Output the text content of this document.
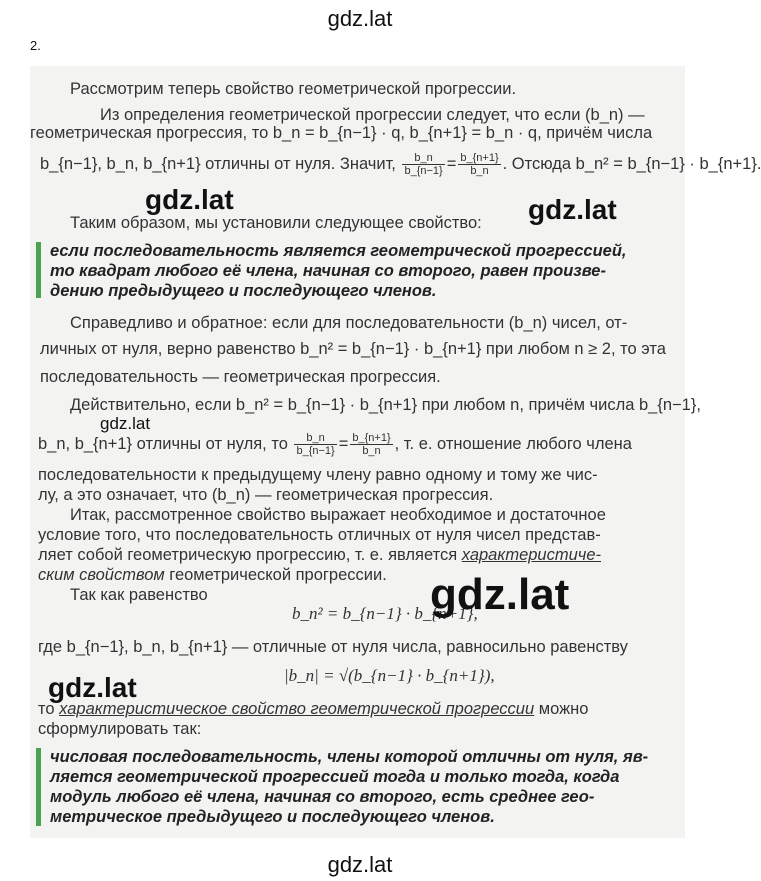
gdz.lat
2.
Рассмотрим теперь свойство геометрической прогрессии.
Из определения геометрической прогрессии следует, что если (b_n) —
геометрическая прогрессия, то b_n = b_{n−1} · q, b_{n+1} = b_n · q, причём числа
b_{n−1}, b_n, b_{n+1} отличны от нуля. Значит, $\frac{b\_n}{b\_\{n-1\}} = \frac{b\_\{n+1\}}{b\_n}$ . Отсюда b_n² = b_{n−1} · b_{n+1}.
gdz.lat	gdz.lat
Таким образом, мы установили следующее свойство:
если последовательность является геометрической прогрессией,
то квадрат любого её члена, начиная со второго, равен произве-
дению предыдущего и последующего членов.
Справедливо и обратное: если для последовательности (b_n) чисел, от-
личных от нуля, верно равенство b_n² = b_{n−1} · b_{n+1} при любом n ≥ 2, то эта
последовательность — геометрическая прогрессия.
Действительно, если b_n² = b_{n−1} · b_{n+1} при любом n, причём числа b_{n−1},
gdz.lat
b_n, b_{n+1} отличны от нуля, то $\frac{b\_n}{b\_\{n-1\}} = \frac{b\_\{n+1\}}{b\_n}$ , т. е. отношение любого члена
последовательности к предыдущему члену равно одному и тому же чис-
лу, а это означает, что (b_n) — геометрическая прогрессия.
Итак, рассмотренное свойство выражает необходимое и достаточное
условие того, что последовательность отличных от нуля чисел представ-
ляет собой геометрическую прогрессию, т. е. является характеристиче-
ским свойством геометрической прогрессии.
Так как равенство
b_n² = b_{n−1} · b_{n+1},
gdz.lat
где b_{n−1}, b_n, b_{n+1} — отличные от нуля числа, равносильно равенству
|b_n| = √(b_{n−1} · b_{n+1}),
gdz.lat
то характеристическое свойство геометрической прогрессии можно
сформулировать так:
числовая последовательность, члены которой отличны от нуля, яв-
ляется геометрической прогрессией тогда и только тогда, когда
модуль любого её члена, начиная со второго, есть среднее гео-
метрическое предыдущего и последующего членов.
gdz.lat
